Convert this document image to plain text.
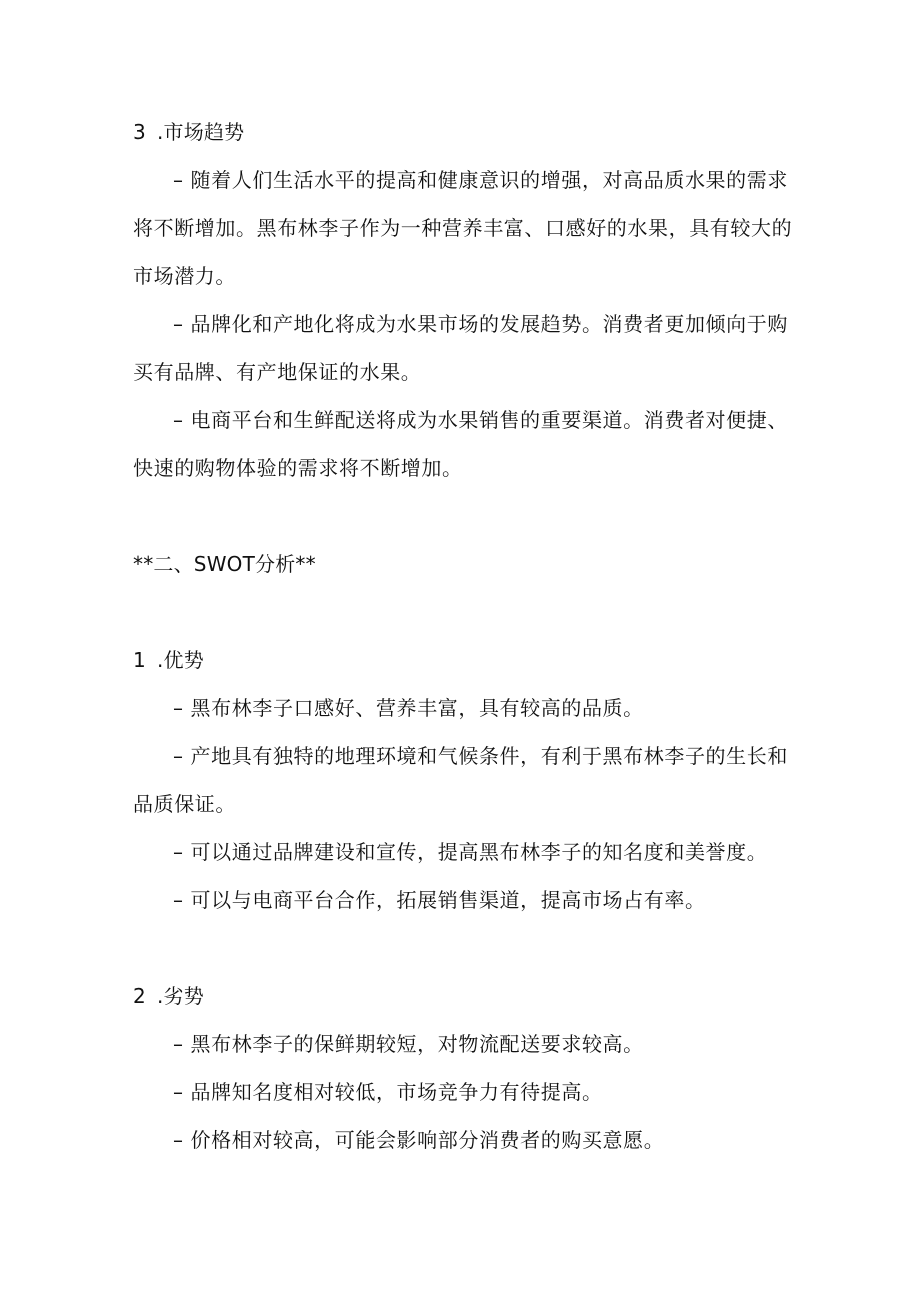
3 .市场趋势
– 随着人们生活水平的提高和健康意识的增强，对高品质水果的需求
将不断增加。黑布林李子作为一种营养丰富、口感好的水果，具有较大的
市场潜力。
– 品牌化和产地化将成为水果市场的发展趋势。消费者更加倾向于购
买有品牌、有产地保证的水果。
– 电商平台和生鲜配送将成为水果销售的重要渠道。消费者对便捷、
快速的购物体验的需求将不断增加。
**二、SWOT分析**
1 .优势
– 黑布林李子口感好、营养丰富，具有较高的品质。
– 产地具有独特的地理环境和气候条件，有利于黑布林李子的生长和
品质保证。
– 可以通过品牌建设和宣传，提高黑布林李子的知名度和美誉度。
– 可以与电商平台合作，拓展销售渠道，提高市场占有率。
2 .劣势
– 黑布林李子的保鲜期较短，对物流配送要求较高。
– 品牌知名度相对较低，市场竞争力有待提高。
– 价格相对较高，可能会影响部分消费者的购买意愿。
